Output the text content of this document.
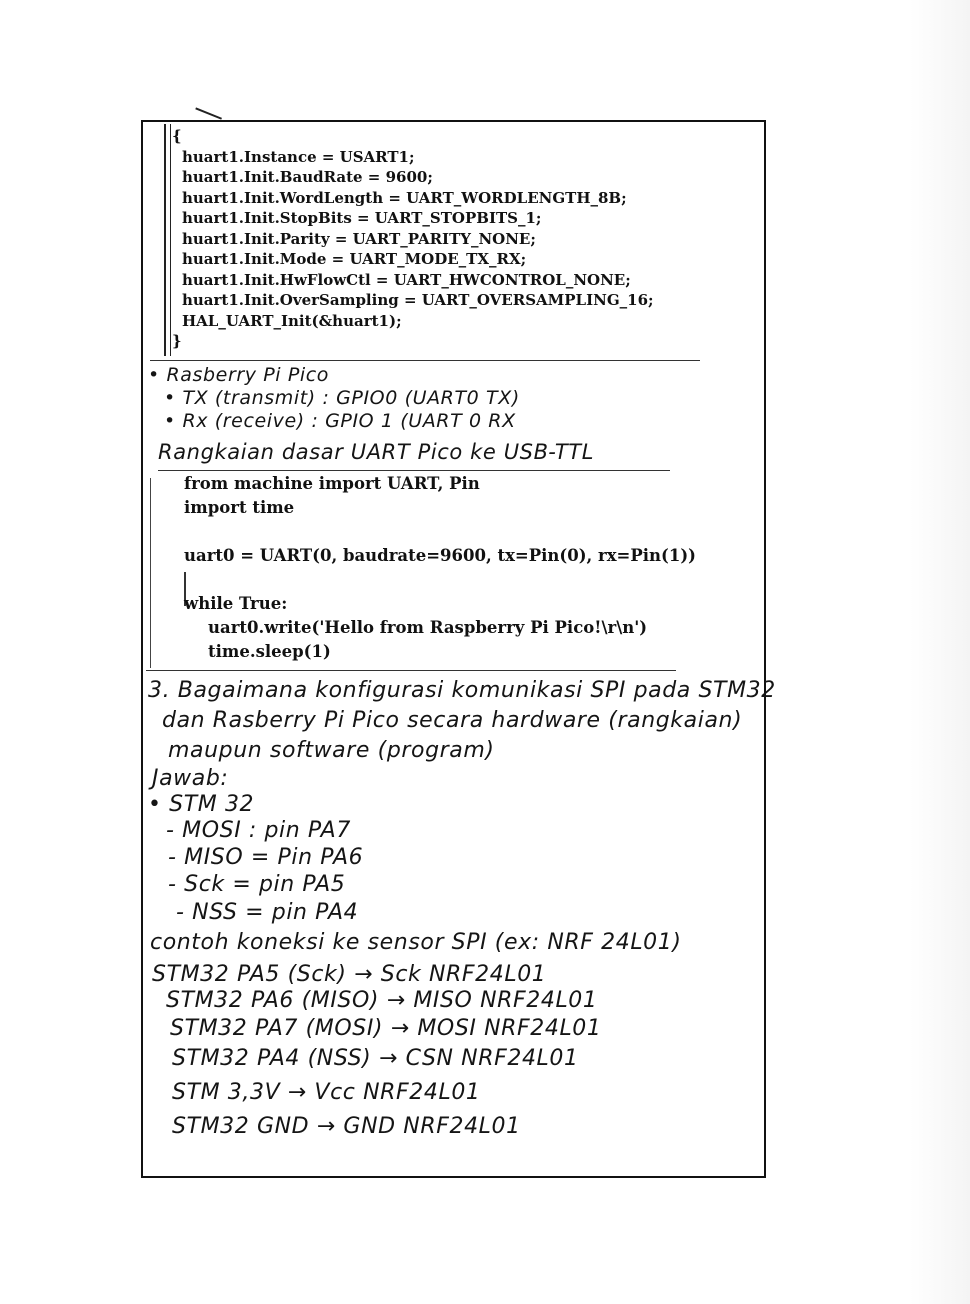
{
huart1.Instance = USART1;
huart1.Init.BaudRate = 9600;
huart1.Init.WordLength = UART_WORDLENGTH_8B;
huart1.Init.StopBits = UART_STOPBITS_1;
huart1.Init.Parity = UART_PARITY_NONE;
huart1.Init.Mode = UART_MODE_TX_RX;
huart1.Init.HwFlowCtl = UART_HWCONTROL_NONE;
huart1.Init.OverSampling = UART_OVERSAMPLING_16;
HAL_UART_Init(&huart1);
}
• Rasberry Pi Pico
• TX (transmit) : GPIO0 (UART0 TX)
• Rx (receive) : GPIO 1 (UART 0 RX
Rangkaian dasar UART Pico ke USB-TTL
from machine import UART, Pin
import time
uart0 = UART(0, baudrate=9600, tx=Pin(0), rx=Pin(1))
while True:
uart0.write('Hello from Raspberry Pi Pico!\r\n')
time.sleep(1)
3. Bagaimana konfigurasi komunikasi SPI pada STM32
dan Rasberry Pi Pico secara hardware (rangkaian)
maupun software (program)
Jawab:
• STM 32
- MOSI : pin PA7
- MISO = Pin PA6
- Sck = pin PA5
- NSS = pin PA4
contoh koneksi ke sensor SPI (ex: NRF 24L01)
STM32 PA5 (Sck) → Sck NRF24L01
STM32 PA6 (MISO) → MISO NRF24L01
STM32 PA7 (MOSI) → MOSI NRF24L01
STM32 PA4 (NSS) → CSN NRF24L01
STM 3,3V → Vcc NRF24L01
STM32 GND → GND NRF24L01
